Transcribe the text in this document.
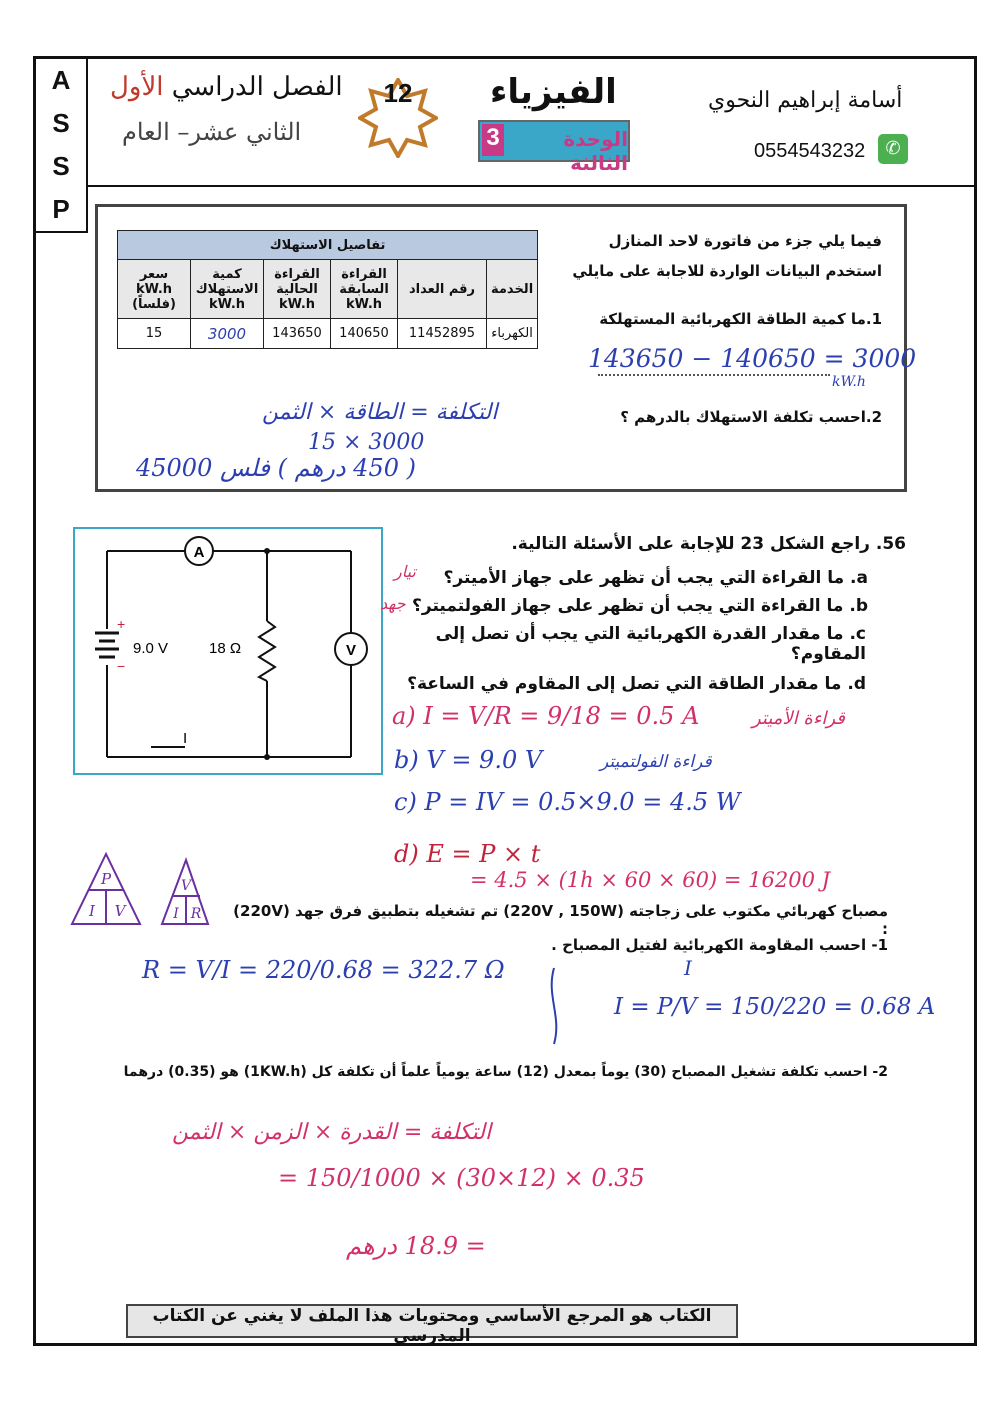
A
S
S
P
الفصل الدراسي الأول
الثاني عشر– العام
12	الفيزياء
الوحدة الثالثة
3
أسامة إبراهيم النحوي
0554543232	✆
تفاصيل الاستهلاك					
الخدمة	رقم العداد	القراءة السابقة kW.h	القراءة الحالية kW.h	كمية الاستهلاك kW.h	سعر kW.h (فلساً)
الكهرباء	11452895	140650	143650	3000	15
فيما يلي جزء من فاتورة لاحد المنازل
استخدم البيانات الواردة للاجابة على مايلي
1.ما كمية الطاقة الكهربائية المستهلكة
143650 − 140650 = 3000
kW.h
2.احسب تكلفة الاستهلاك بالدرهم ؟
التكلفة = الطاقة × الثمن
15 × 3000
( 450 درهم ) فلس 45000
A
V
9.0 V	18 Ω
+
−
I
56. راجع الشكل 23 للإجابة على الأسئلة التالية.
a. ما القراءة التي يجب أن تظهر على جهاز الأميتر؟
تيار
b. ما القراءة التي يجب أن تظهر على جهاز الفولتميتر؟
جهد
c. ما مقدار القدرة الكهربائية التي يجب أن تصل إلى المقاوم؟
d. ما مقدار الطاقة التي تصل إلى المقاوم في الساعة؟
a) I = V/R = 9/18 = 0.5 A	قراءة الأميتر
b) V = 9.0 V	قراءة الفولتميتر
c) P = IV = 0.5×9.0 = 4.5 W
d) E = P × t
= 4.5 × (1h × 60 × 60) = 16200 J
P
I V
V
I R	مصباح كهربائي مكتوب على زجاجته (220V , 150W) تم تشغيله بتطبيق فرق جهد (220V) :
1- احسب المقاومة الكهربائية لفتيل المصباح .
R = V/I = 220/0.68 = 322.7 Ω	I
I = P/V = 150/220 = 0.68 A
2- احسب تكلفة تشغيل المصباح (30) يوماً بمعدل (12) ساعة يومياً علماً أن تكلفة كل (1KW.h) هو (0.35) درهما
التكلفة = القدرة × الزمن × الثمن
= 150/1000 × (30×12) × 0.35
= 18.9 درهم
الكتاب هو المرجع الأساسي ومحتويات هذا الملف لا يغني عن الكتاب المدرسي
